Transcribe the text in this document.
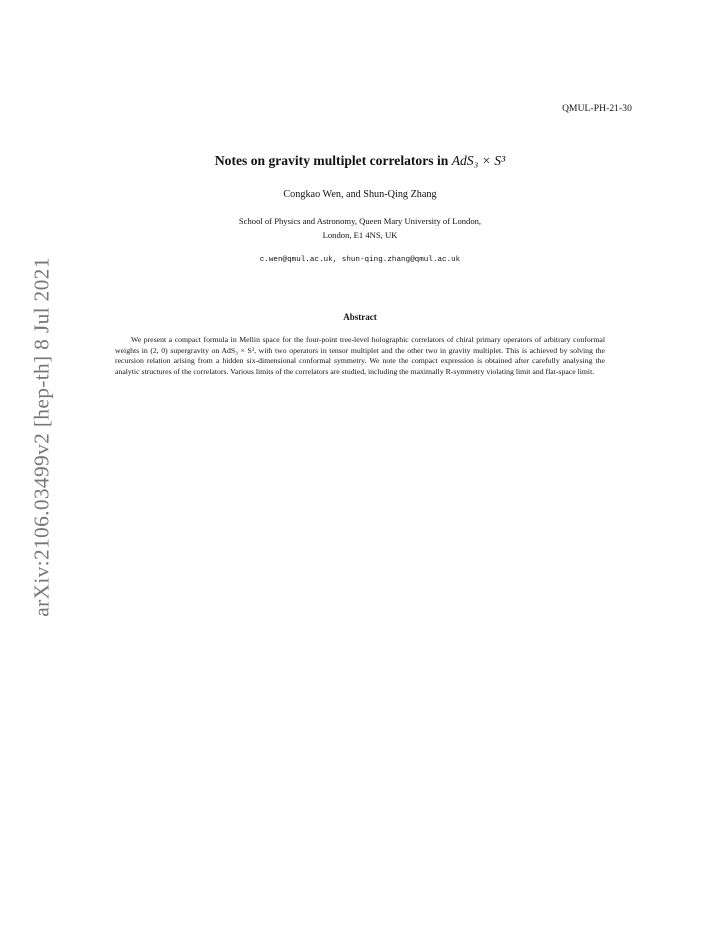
QMUL-PH-21-30
arXiv:2106.03499v2 [hep-th] 8 Jul 2021
Notes on gravity multiplet correlators in AdS₃ × S³
Congkao Wen, and Shun-Qing Zhang
School of Physics and Astronomy, Queen Mary University of London,
London, E1 4NS, UK
c.wen@qmul.ac.uk, shun-qing.zhang@qmul.ac.uk
Abstract

We present a compact formula in Mellin space for the four-point tree-level holographic correlators of chiral primary operators of arbitrary conformal weights in (2, 0) supergravity on AdS₃ × S³, with two operators in tensor multiplet and the other two in gravity multiplet. This is achieved by solving the recursion relation arising from a hidden six-dimensional conformal symmetry. We note the compact expression is obtained after carefully analysing the analytic structures of the correlators. Various limits of the correlators are studied, including the maximally R-symmetry violating limit and flat-space limit.
